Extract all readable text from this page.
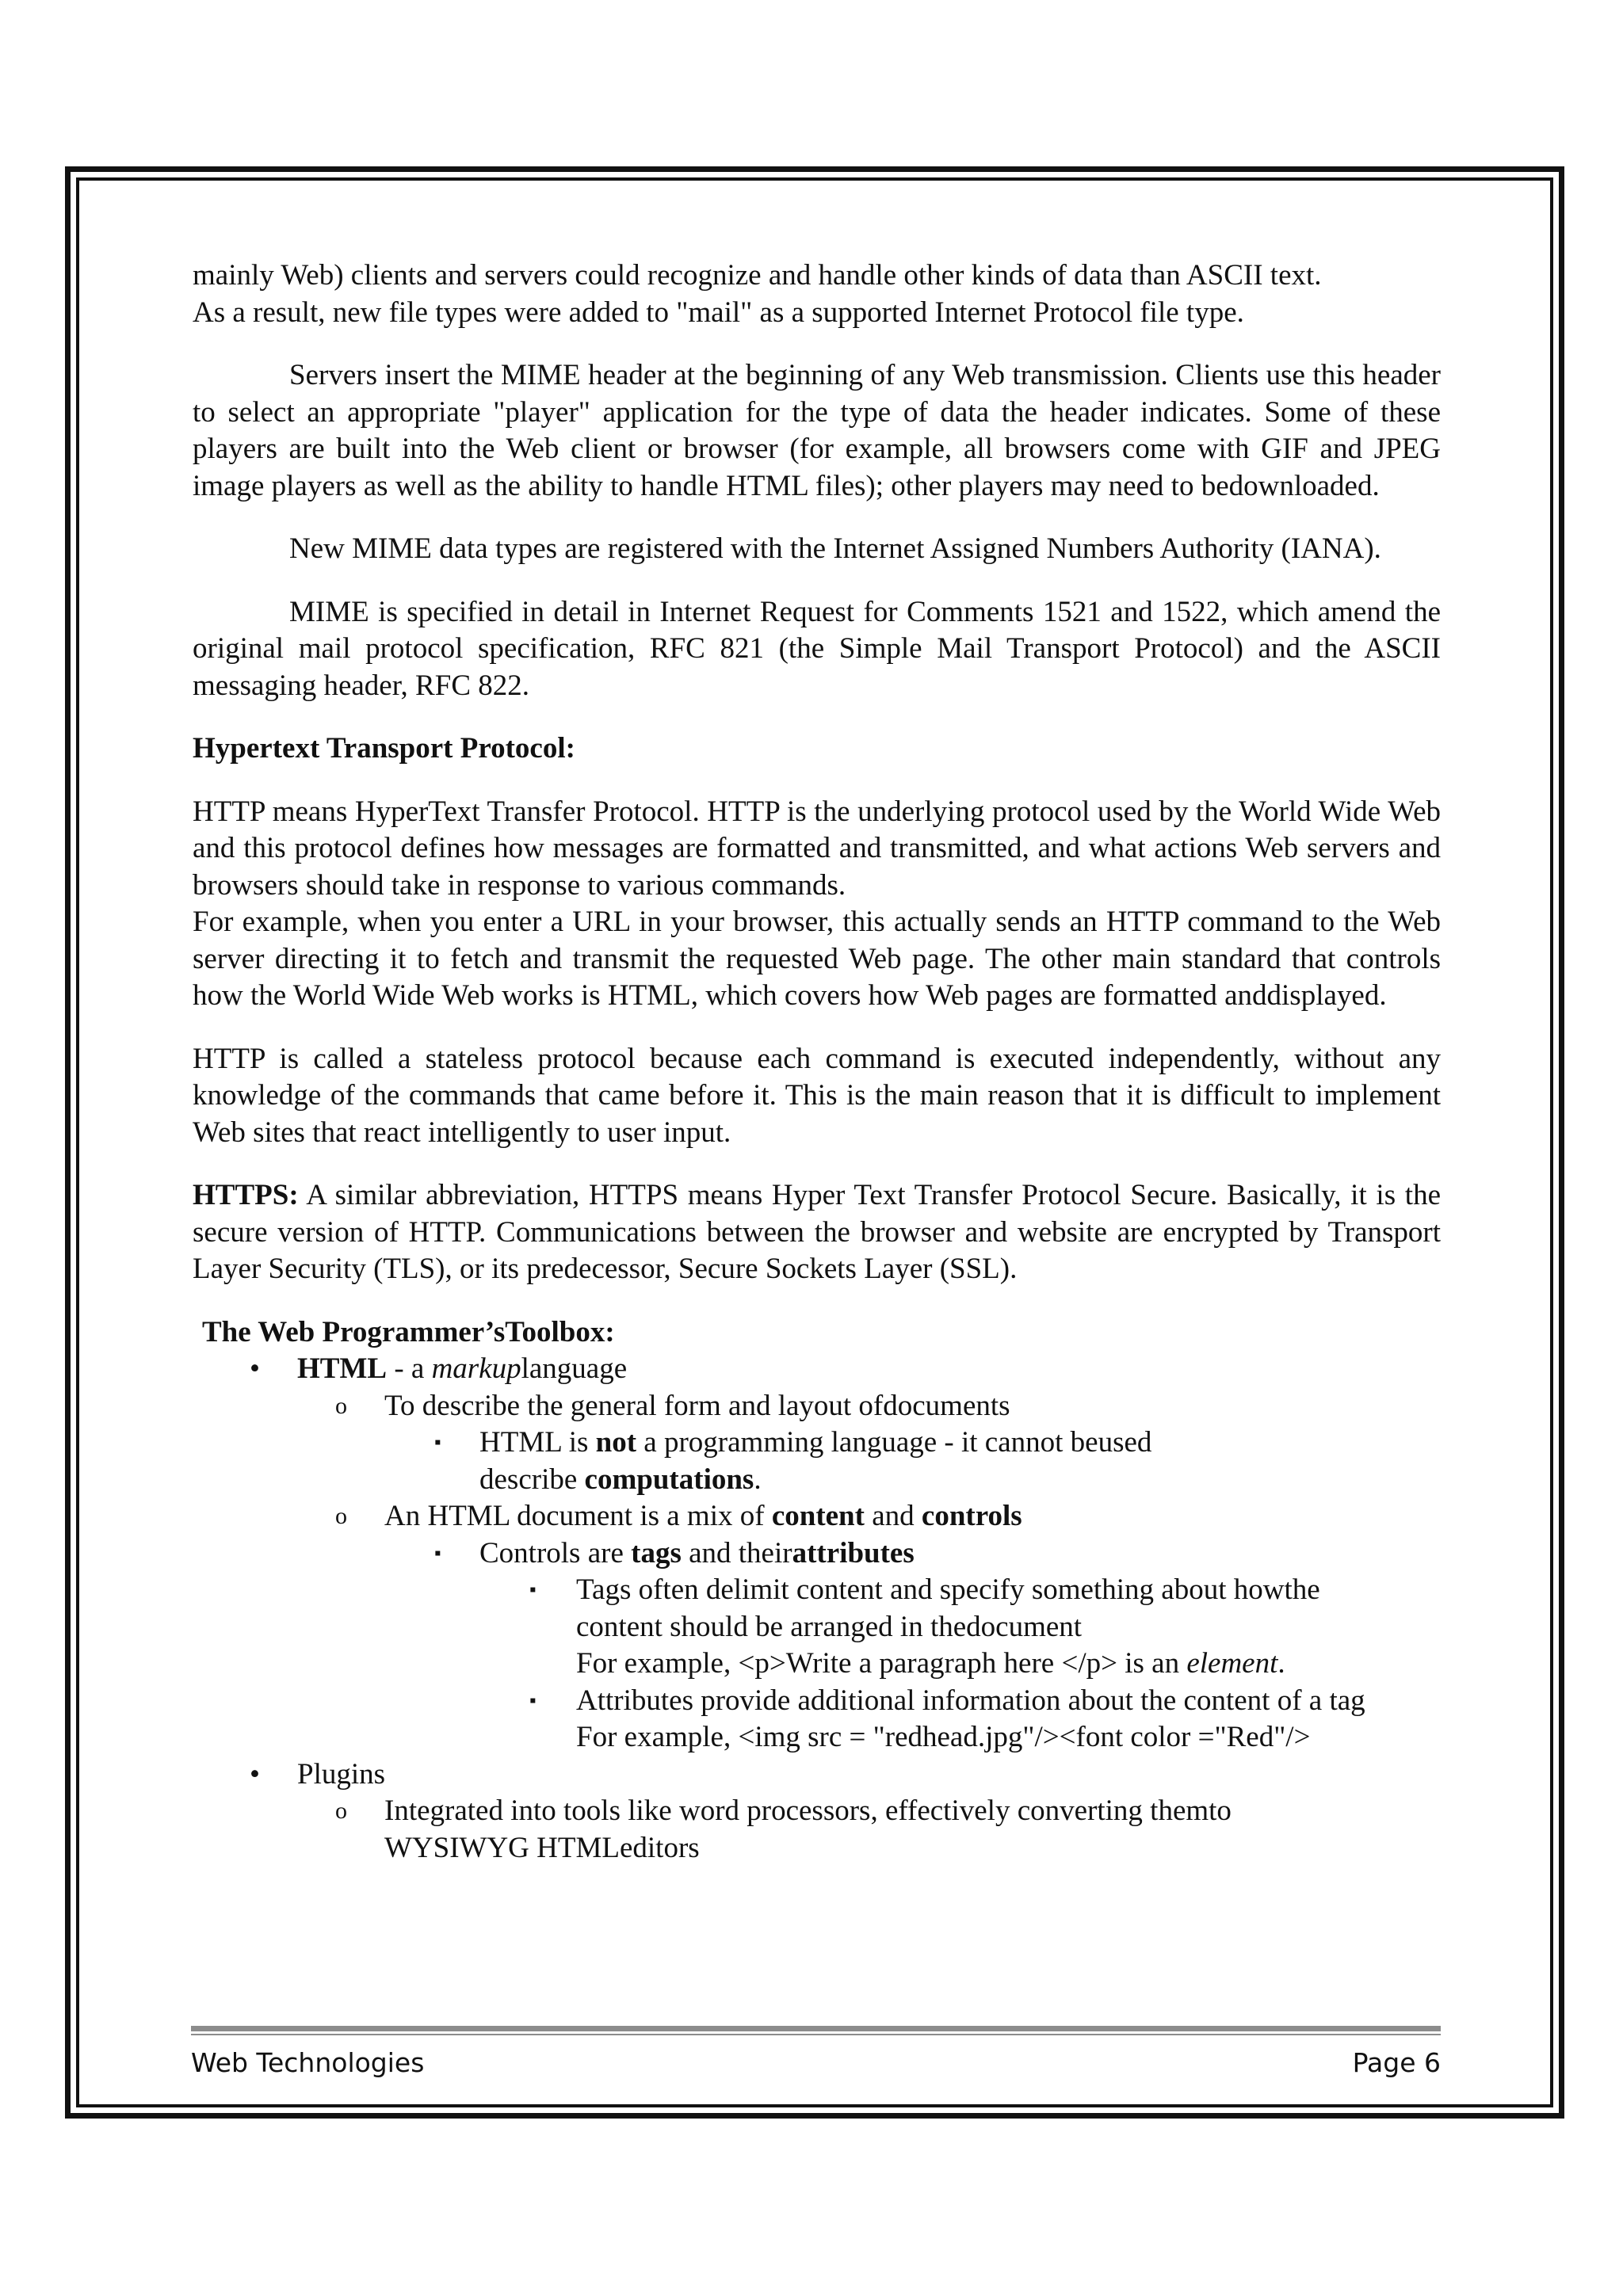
mainly Web) clients and servers could recognize and handle other kinds of data than ASCII text.

As a result, new file types were added to "mail" as a supported Internet Protocol file type.

Servers insert the MIME header at the beginning of any Web transmission. Clients use this header to select an appropriate "player" application for the type of data the header indicates. Some of these players are built into the Web client or browser (for example, all browsers come with GIF and JPEG image players as well as the ability to handle HTML files); other players may need to bedownloaded.

New MIME data types are registered with the Internet Assigned Numbers Authority (IANA).

MIME is specified in detail in Internet Request for Comments 1521 and 1522, which amend the original mail protocol specification, RFC 821 (the Simple Mail Transport Protocol) and the ASCII messaging header, RFC 822.

Hypertext Transport Protocol:

HTTP means HyperText Transfer Protocol. HTTP is the underlying protocol used by the World Wide Web and this protocol defines how messages are formatted and transmitted, and what actions Web servers and browsers should take in response to various commands.

For example, when you enter a URL in your browser, this actually sends an HTTP command to the Web server directing it to fetch and transmit the requested Web page. The other main standard that controls how the World Wide Web works is HTML, which covers how Web pages are formatted anddisplayed.

HTTP is called a stateless protocol because each command is executed independently, without any knowledge of the commands that came before it. This is the main reason that it is difficult to implement Web sites that react intelligently to user input.

HTTPS: A similar abbreviation, HTTPS means Hyper Text Transfer Protocol Secure. Basically, it is the secure version of HTTP. Communications between the browser and website are encrypted by Transport Layer Security (TLS), or its predecessor, Secure Sockets Layer (SSL).

The Web Programmer’sToolbox:
• HTML - a markuplanguage
o To describe the general form and layout ofdocuments
▪ HTML is not a programming language - it cannot beused
describe computations.
o An HTML document is a mix of content and controls
▪ Controls are tags and theirattributes
▪ Tags often delimit content and specify something about howthe
content should be arranged in thedocument
For example, <p>Write a paragraph here </p> is an element.
▪ Attributes provide additional information about the content of a tag
For example, <img src = "redhead.jpg"/><font color ="Red"/>
• Plugins
o Integrated into tools like word processors, effectively converting themto
WYSIWYG HTMLeditors
Web Technologies	Page 6
